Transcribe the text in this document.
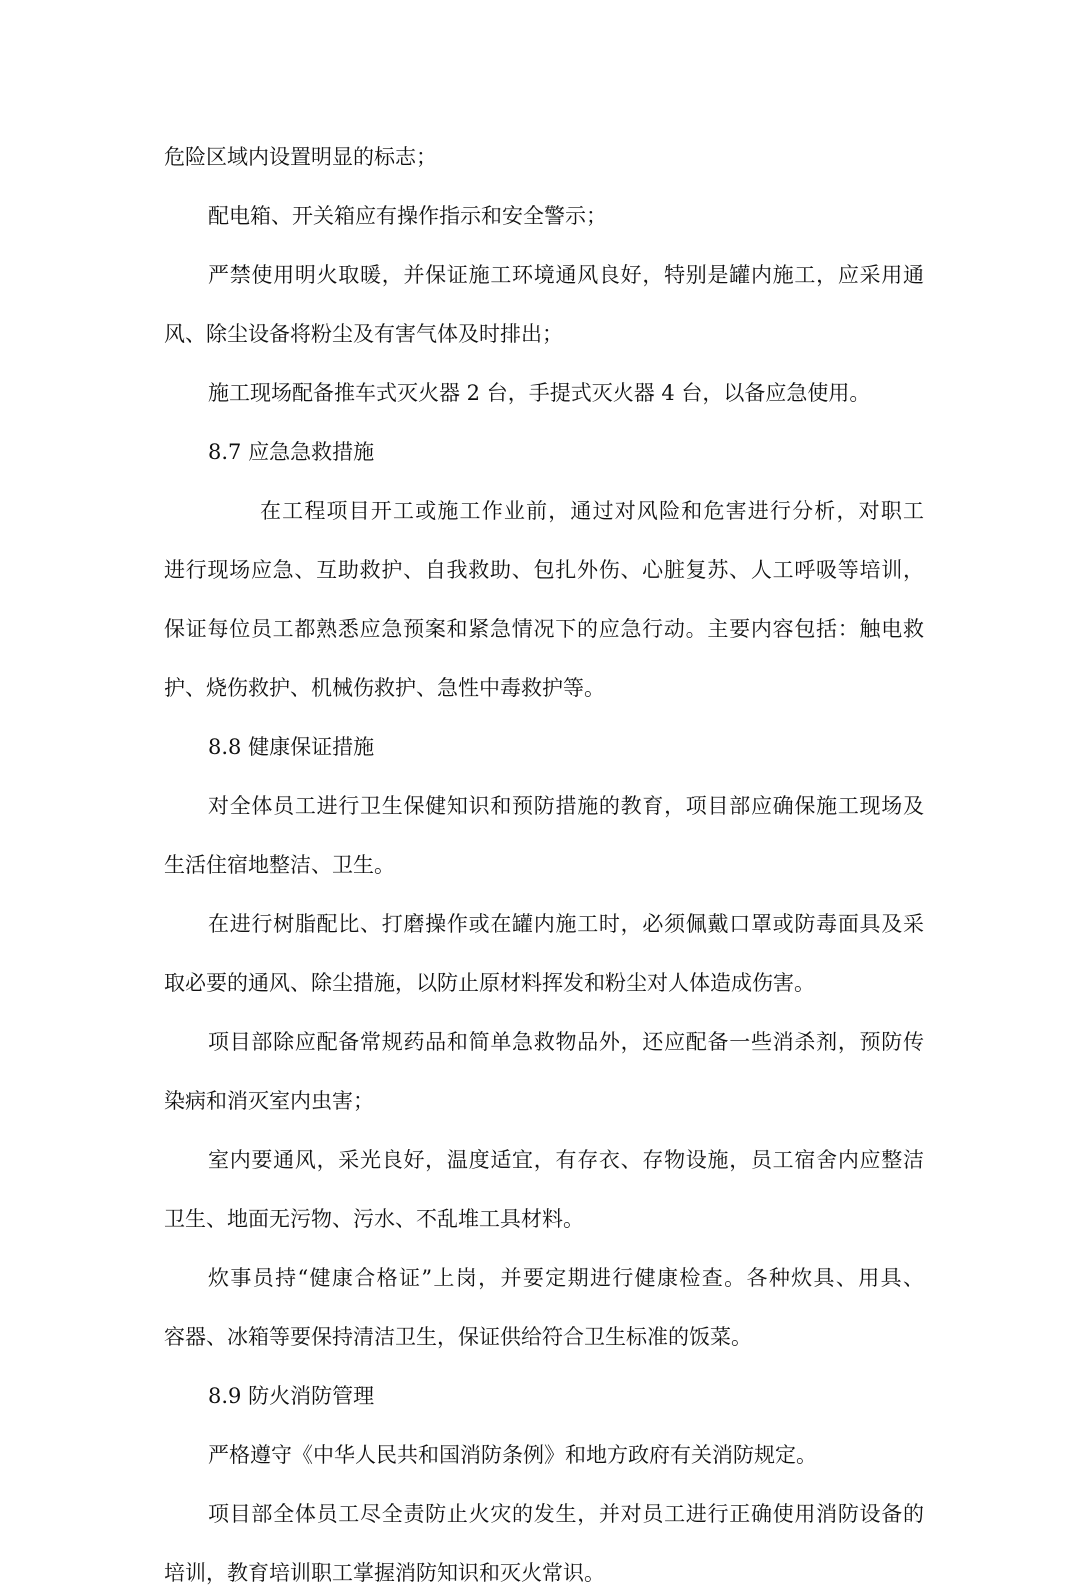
危险区域内设置明显的标志；
配电箱、开关箱应有操作指示和安全警示；
严禁使用明火取暖，并保证施工环境通风良好，特别是罐内施工，应采用通
风、除尘设备将粉尘及有害气体及时排出；
施工现场配备推车式灭火器 2 台，手提式灭火器 4 台，以备应急使用。
8.7 应急急救措施
在工程项目开工或施工作业前，通过对风险和危害进行分析，对职工
进行现场应急、互助救护、自我救助、包扎外伤、心脏复苏、人工呼吸等培训，
保证每位员工都熟悉应急预案和紧急情况下的应急行动。主要内容包括：触电救
护、烧伤救护、机械伤救护、急性中毒救护等。
8.8 健康保证措施
对全体员工进行卫生保健知识和预防措施的教育，项目部应确保施工现场及
生活住宿地整洁、卫生。
在进行树脂配比、打磨操作或在罐内施工时，必须佩戴口罩或防毒面具及采
取必要的通风、除尘措施，以防止原材料挥发和粉尘对人体造成伤害。
项目部除应配备常规药品和简单急救物品外，还应配备一些消杀剂，预防传
染病和消灭室内虫害；
室内要通风，采光良好，温度适宜，有存衣、存物设施，员工宿舍内应整洁
卫生、地面无污物、污水、不乱堆工具材料。
炊事员持“健康合格证”上岗，并要定期进行健康检查。各种炊具、用具、
容器、冰箱等要保持清洁卫生，保证供给符合卫生标准的饭菜。
8.9 防火消防管理
严格遵守《中华人民共和国消防条例》和地方政府有关消防规定。
项目部全体员工尽全责防止火灾的发生，并对员工进行正确使用消防设备的
培训，教育培训职工掌握消防知识和灭火常识。
